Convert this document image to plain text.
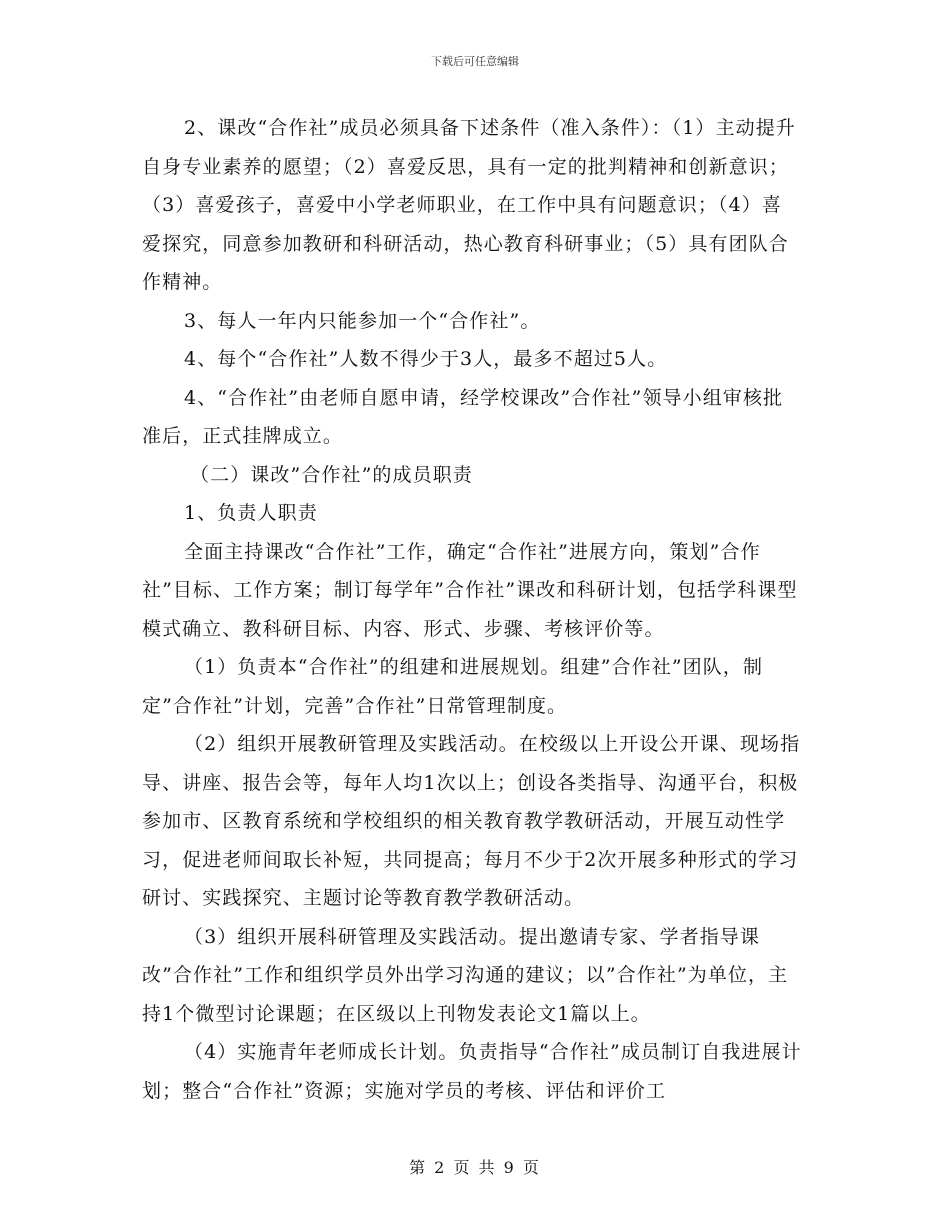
下载后可任意编辑

2、课改“合作社”成员必须具备下述条件（准入条件）：（1）主动提升自身专业素养的愿望；（2）喜爱反思，具有一定的批判精神和创新意识；（3）喜爱孩子，喜爱中小学老师职业，在工作中具有问题意识；（4）喜爱探究，同意参加教研和科研活动，热心教育科研事业；（5）具有团队合作精神。

3、每人一年内只能参加一个“合作社”。

4、每个“合作社”人数不得少于3人，最多不超过5人。

4、“合作社”由老师自愿申请，经学校课改”合作社”领导小组审核批准后，正式挂牌成立。

（二）课改”合作社”的成员职责

1、负责人职责

全面主持课改“合作社”工作，确定“合作社”进展方向，策划”合作社”目标、工作方案；制订每学年”合作社”课改和科研计划，包括学科课型模式确立、教科研目标、内容、形式、步骤、考核评价等。

（1）负责本“合作社”的组建和进展规划。组建”合作社”团队，制定”合作社”计划，完善”合作社”日常管理制度。

（2）组织开展教研管理及实践活动。在校级以上开设公开课、现场指导、讲座、报告会等，每年人均1次以上；创设各类指导、沟通平台，积极参加市、区教育系统和学校组织的相关教育教学教研活动，开展互动性学习，促进老师间取长补短，共同提高；每月不少于2次开展多种形式的学习研讨、实践探究、主题讨论等教育教学教研活动。

（3）组织开展科研管理及实践活动。提出邀请专家、学者指导课改”合作社”工作和组织学员外出学习沟通的建议；以”合作社”为单位，主持1个微型讨论课题；在区级以上刊物发表论文1篇以上。

（4）实施青年老师成长计划。负责指导“合作社”成员制订自我进展计划；整合“合作社”资源；实施对学员的考核、评估和评价工

第 2 页 共 9 页
